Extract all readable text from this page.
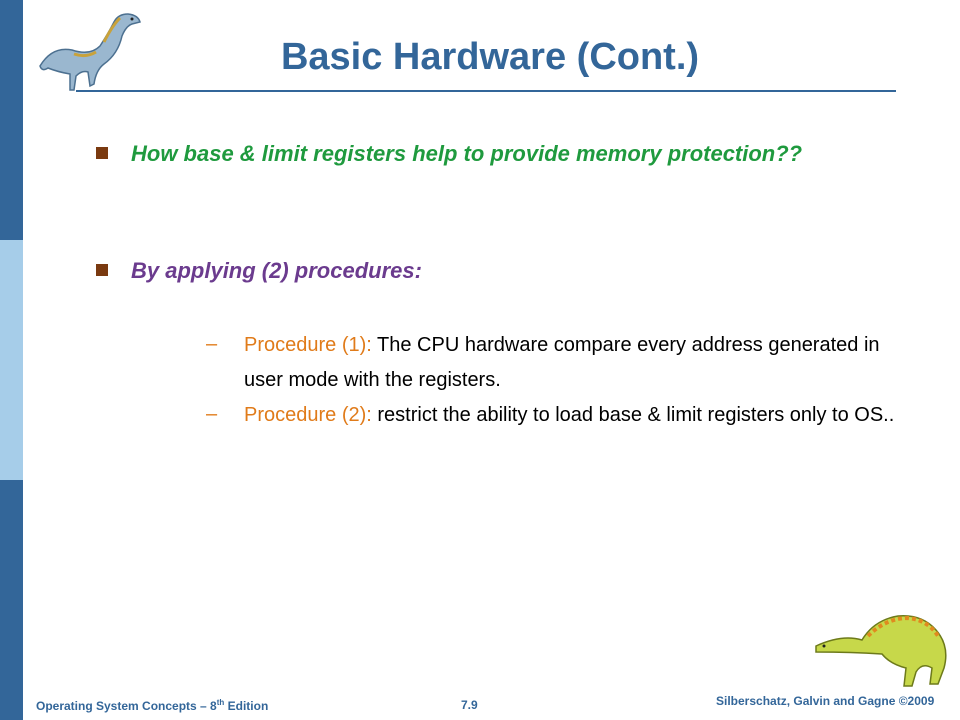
Basic Hardware (Cont.)
How base & limit registers help to provide memory protection??
By applying (2) procedures:
– Procedure (1): The CPU hardware compare every address generated in user mode with the registers.
– Procedure (2): restrict the ability to load base & limit registers only to OS..
Operating System Concepts – 8th Edition	7.9	Silberschatz, Galvin and Gagne ©2009
